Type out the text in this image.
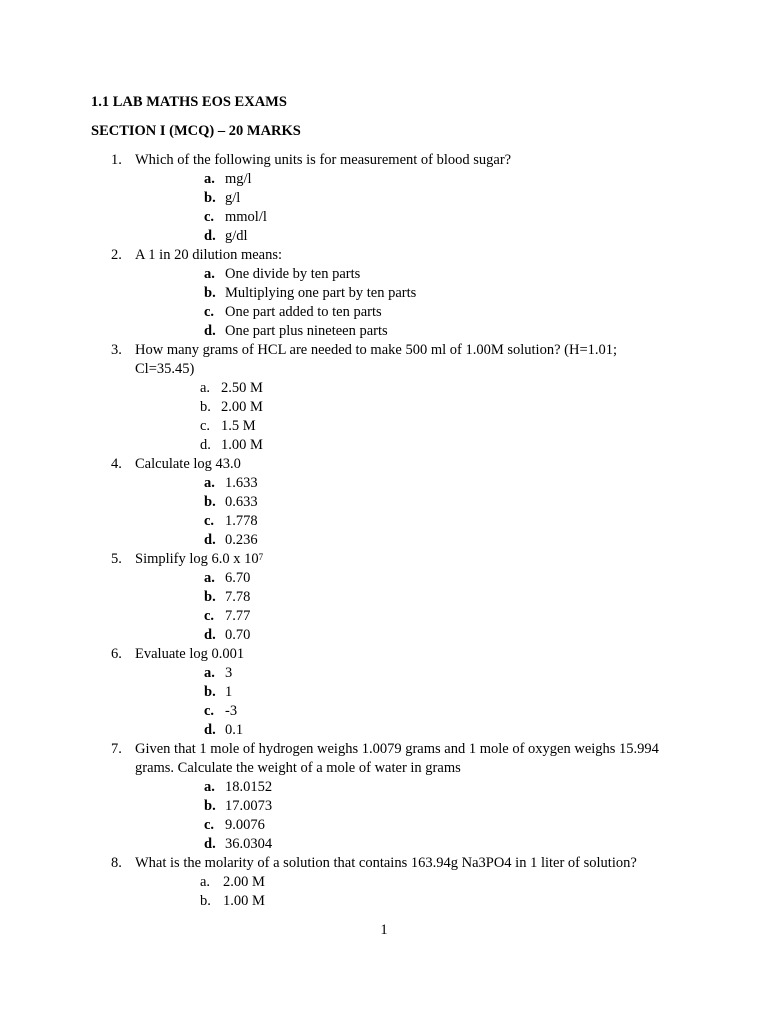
1.1 LAB MATHS EOS EXAMS
SECTION I (MCQ) – 20 MARKS
1. Which of the following units is for measurement of blood sugar?
a. mg/l
b. g/l
c. mmol/l
d. g/dl
2. A 1 in 20 dilution means:
a. One divide by ten parts
b. Multiplying one part by ten parts
c. One part added to ten parts
d. One part plus nineteen parts
3. How many grams of HCL are needed to make 500 ml of 1.00M solution? (H=1.01; Cl=35.45)
a. 2.50 M
b. 2.00 M
c. 1.5 M
d. 1.00 M
4. Calculate log 43.0
a. 1.633
b. 0.633
c. 1.778
d. 0.236
5. Simplify log 6.0 x $10^7$
a. 6.70
b. 7.78
c. 7.77
d. 0.70
6. Evaluate log 0.001
a. 3
b. 1
c. -3
d. 0.1
7. Given that 1 mole of hydrogen weighs 1.0079 grams and 1 mole of oxygen weighs 15.994 grams. Calculate the weight of a mole of water in grams
a. 18.0152
b. 17.0073
c. 9.0076
d. 36.0304
8. What is the molarity of a solution that contains 163.94g Na3PO4 in 1 liter of solution?
a. 2.00 M
b. 1.00 M
1
